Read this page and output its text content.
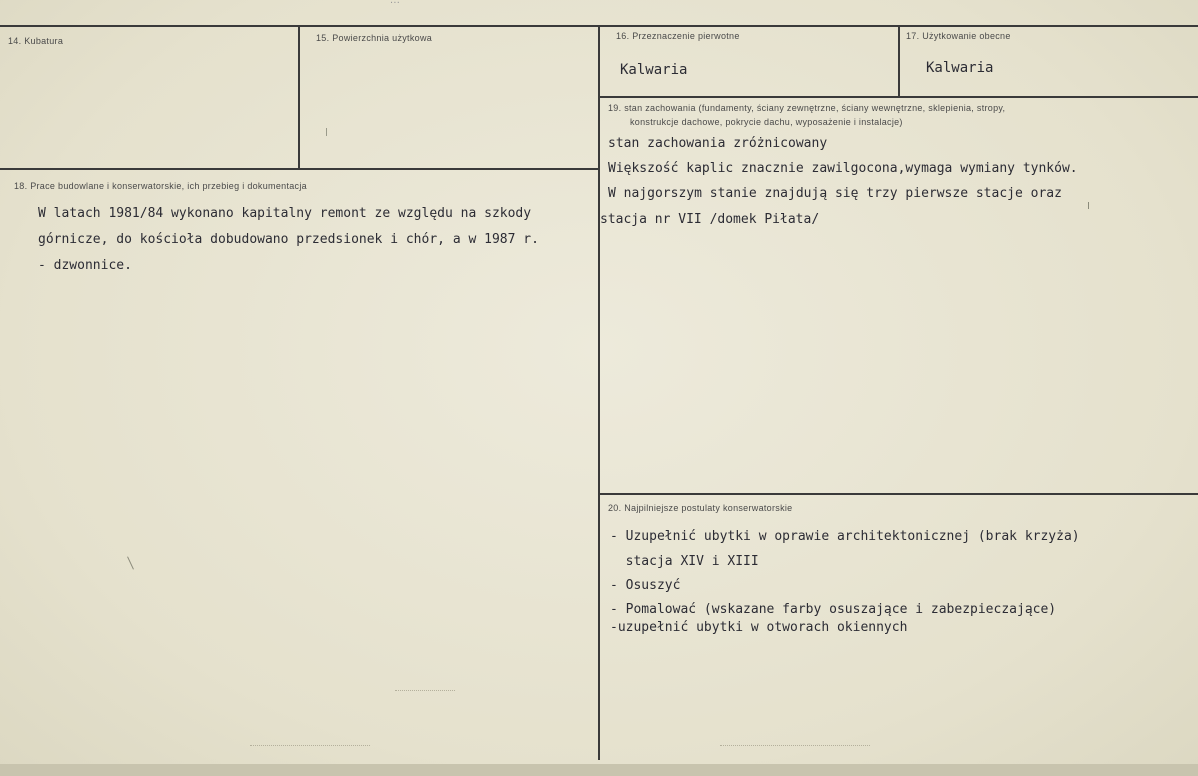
...
14. Kubatura	15. Powierzchnia użytkowa	16. Przeznaczenie pierwotne
Kalwaria
17. Użytkowanie obecne
Kalwaria
18. Prace budowlane i konserwatorskie, ich przebieg i dokumentacja
W latach 1981/84 wykonano kapitalny remont ze względu na szkody
górnicze, do kościoła dobudowano przedsionek i chór, a w 1987 r.
- dzwonnice.
19. stan zachowania (fundamenty, ściany zewnętrzne, ściany wewnętrzne, sklepienia, stropy,
konstrukcje dachowe, pokrycie dachu, wyposażenie i instalacje)
stan zachowania zróżnicowany
Większość kaplic znacznie zawilgocona,wymaga wymiany tynków.
W najgorszym stanie znajdują się trzy pierwsze stacje oraz
stacja nr VII /domek Piłata/
20. Najpilniejsze postulaty konserwatorskie
- Uzupełnić ubytki w oprawie architektonicznej (brak krzyża)
stacja XIV i XIII
- Osuszyć
- Pomalować (wskazane farby osuszające i zabezpieczające)
-uzupełnić ubytki w otworach okiennych
